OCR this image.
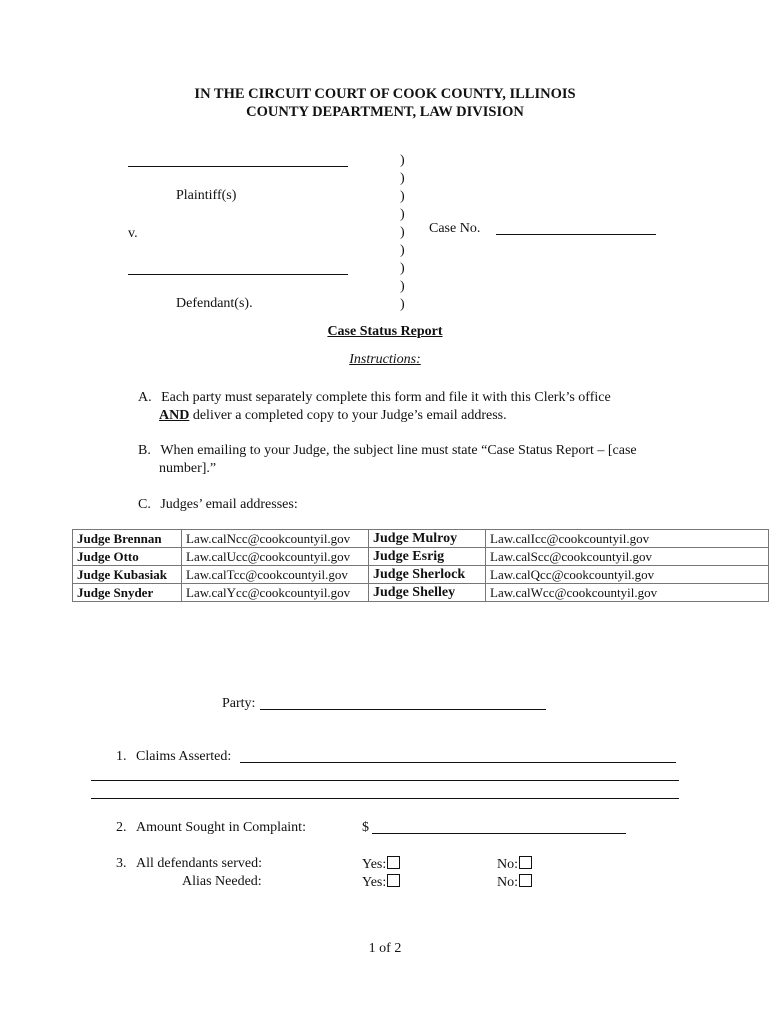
IN THE CIRCUIT COURT OF COOK COUNTY, ILLINOIS
COUNTY DEPARTMENT, LAW DIVISION
Plaintiff(s)
v.
Defendant(s).
)
)
)
)
)
)
)
)
)
Case No.
Case Status Report
Instructions:
A. Each party must separately complete this form and file it with this Clerk’s office
AND deliver a completed copy to your Judge’s email address.
B. When emailing to your Judge, the subject line must state “Case Status Report – [case
number].”
C. Judges’ email addresses:
Judge Brennan	Law.calNcc@cookcountyil.gov	Judge Mulroy	Law.calIcc@cookcountyil.gov
Judge Otto	Law.calUcc@cookcountyil.gov	Judge Esrig	Law.calScc@cookcountyil.gov
Judge Kubasiak	Law.calTcc@cookcountyil.gov	Judge Sherlock	Law.calQcc@cookcountyil.gov
Judge Snyder	Law.calYcc@cookcountyil.gov	Judge Shelley	Law.calWcc@cookcountyil.gov
Party:
1. Claims Asserted:
2. Amount Sought in Complaint:	$
3. All defendants served:	Yes:	No:
Alias Needed:	Yes:	No:
1 of 2
